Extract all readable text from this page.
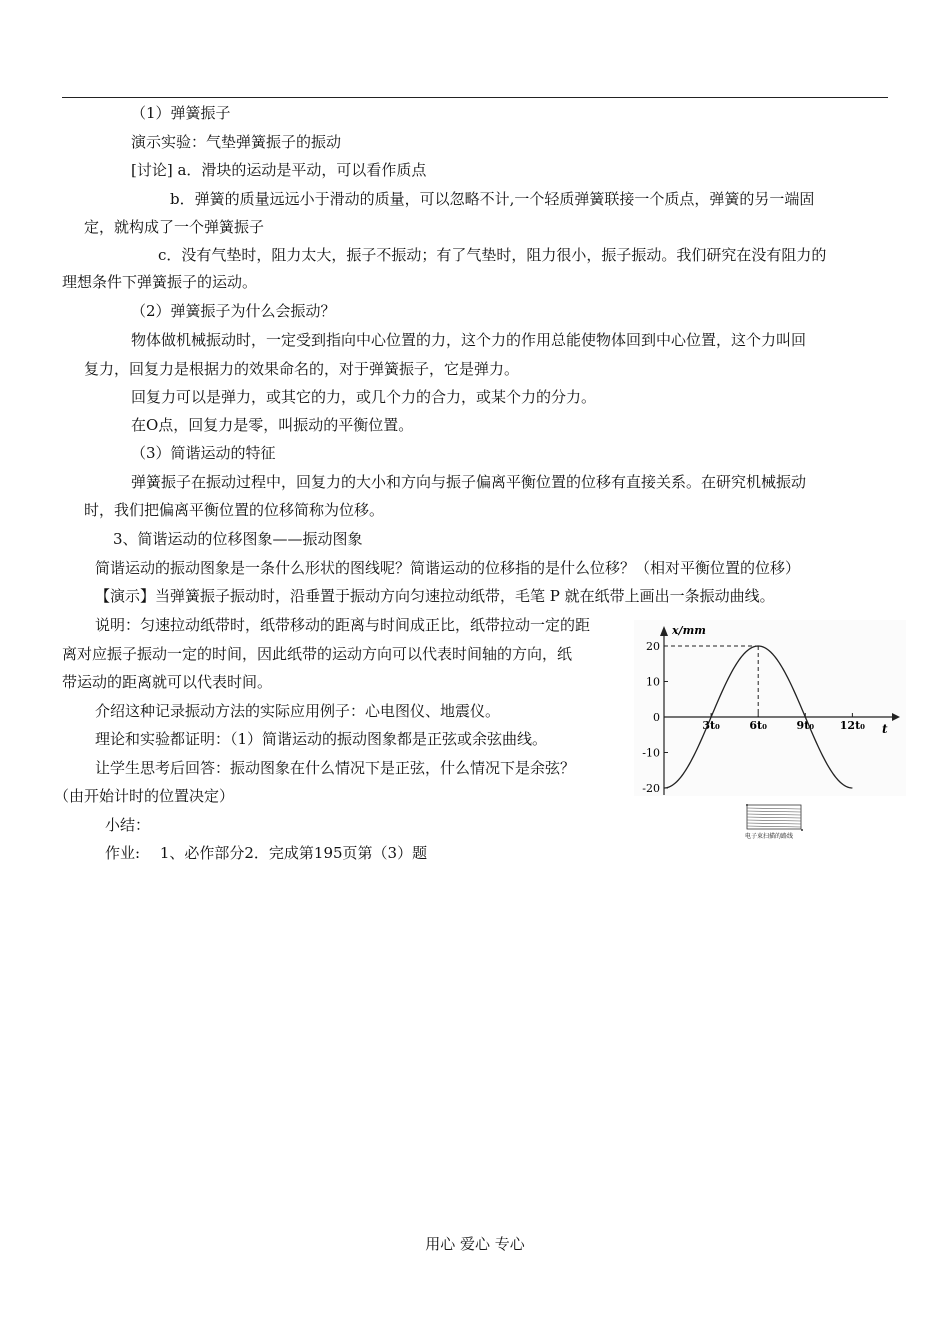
（1）弹簧振子
演示实验：气垫弹簧振子的振动
[讨论] a．滑块的运动是平动，可以看作质点
b．弹簧的质量远远小于滑动的质量，可以忽略不计,一个轻质弹簧联接一个质点，弹簧的另一端固
定，就构成了一个弹簧振子
c．没有气垫时，阻力太大，振子不振动；有了气垫时，阻力很小，振子振动。我们研究在没有阻力的
理想条件下弹簧振子的运动。
（2）弹簧振子为什么会振动？
物体做机械振动时，一定受到指向中心位置的力，这个力的作用总能使物体回到中心位置，这个力叫回
复力，回复力是根据力的效果命名的，对于弹簧振子，它是弹力。
回复力可以是弹力，或其它的力，或几个力的合力，或某个力的分力。
在O点，回复力是零，叫振动的平衡位置。
（3）简谐运动的特征
弹簧振子在振动过程中，回复力的大小和方向与振子偏离平衡位置的位移有直接关系。在研究机械振动
时，我们把偏离平衡位置的位移简称为位移。
3、简谐运动的位移图象——振动图象
简谐运动的振动图象是一条什么形状的图线呢？简谐运动的位移指的是什么位移？（相对平衡位置的位移）
【演示】当弹簧振子振动时，沿垂置于振动方向匀速拉动纸带，毛笔 P 就在纸带上画出一条振动曲线。
说明：匀速拉动纸带时，纸带移动的距离与时间成正比，纸带拉动一定的距
离对应振子振动一定的时间，因此纸带的运动方向可以代表时间轴的方向，纸
带运动的距离就可以代表时间。
介绍这种记录振动方法的实际应用例子：心电图仪、地震仪。
理论和实验都证明：（1）简谐运动的振动图象都是正弦或余弦曲线。
让学生思考后回答：振动图象在什么情况下是正弦，什么情况下是余弦？
（由开始计时的位置决定）
小结：
作业:　 1、必作部分2．完成第195页第（3）题
x/mm
t
20
10
0
-10
-20
3t₀	6t₀	9t₀ 12t₀
电子束扫描的路线
用心 爱心 专心
